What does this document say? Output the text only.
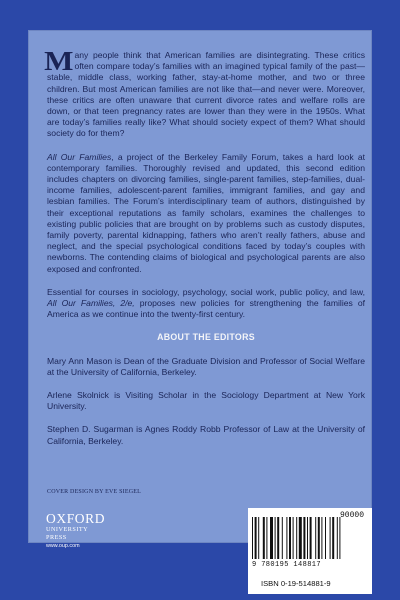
Many people think that American families are disintegrating. These critics often compare today’s families with an imagined typical family of the past—stable, middle class, working father, stay-at-home mother, and two or three children. But most American families are not like that—and never were. Moreover, these critics are often unaware that current divorce rates and welfare rolls are down, or that teen pregnancy rates are lower than they were in the 1950s. What are today’s families really like? What should society expect of them? What should society do for them?

All Our Families, a project of the Berkeley Family Forum, takes a hard look at contemporary families. Thoroughly revised and updated, this second edition includes chapters on divorcing families, single-parent families, step-families, dual-income families, adolescent-parent families, immigrant families, and gay and lesbian families. The Forum’s interdisciplinary team of authors, distinguished by their exceptional reputations as family scholars, examines the challenges to existing public policies that are brought on by problems such as custody disputes, family poverty, parental kidnapping, fathers who aren’t really fathers, abuse and neglect, and the special psychological conditions faced by today’s couples with newborns. The contending claims of biological and psychological parents are also exposed and confronted.

Essential for courses in sociology, psychology, social work, public policy, and law, All Our Families, 2/e, proposes new policies for strengthening the families of America as we continue into the twenty-first century.

ABOUT THE EDITORS

Mary Ann Mason is Dean of the Graduate Division and Professor of Social Welfare at the University of California, Berkeley.

Arlene Skolnick is Visiting Scholar in the Sociology Department at New York University.

Stephen D. Sugarman is Agnes Roddy Robb Professor of Law at the University of California, Berkeley.

COVER DESIGN BY EVE SIEGEL
OXFORD
UNIVERSITY PRESS
www.oup.com
90000
9 780195 148817
ISBN 0-19-514881-9
